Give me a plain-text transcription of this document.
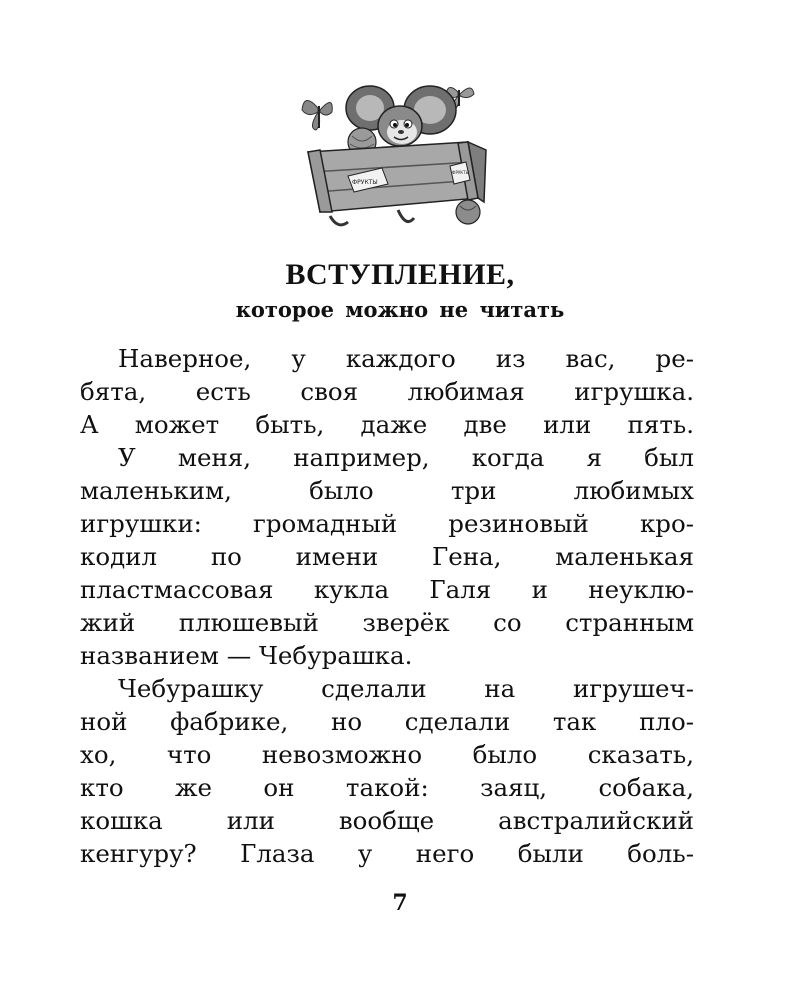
ФРУКТЫ
ФРУКТЫ
ВСТУПЛЕНИЕ,
которое можно не читать
Наверное, у каждого из вас, ре-
бята, есть своя любимая игрушка.
А может быть, даже две или пять.
У меня, например, когда я был
маленьким, было три любимых
игрушки: громадный резиновый кро-
кодил по имени Гена, маленькая
пластмассовая кукла Галя и неуклю-
жий плюшевый зверёк со странным
названием — Чебурашка.
Чебурашку сделали на игрушеч-
ной фабрике, но сделали так пло-
хо, что невозможно было сказать,
кто же он такой: заяц, собака,
кошка или вообще австралийский
кенгуру? Глаза у него были боль-
7
